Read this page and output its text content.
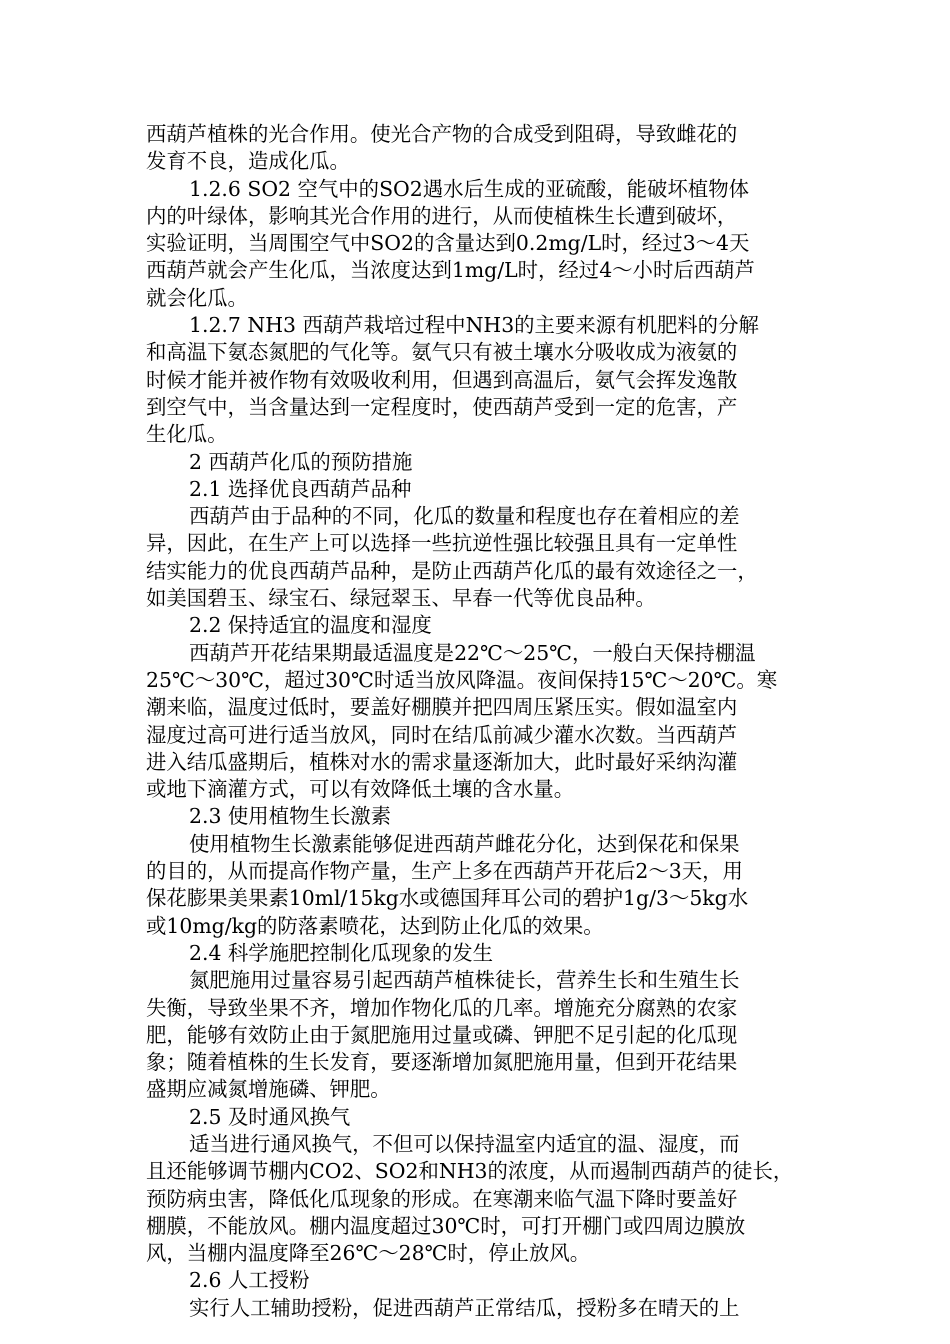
西葫芦植株的光合作用。使光合产物的合成受到阻碍，导致雌花的
发育不良，造成化瓜。
1.2.6 SO2 空气中的SO2遇水后生成的亚硫酸，能破坏植物体
内的叶绿体，影响其光合作用的进行，从而使植株生长遭到破坏，
实验证明，当周围空气中SO2的含量达到0.2mg/L时，经过3～4天
西葫芦就会产生化瓜，当浓度达到1mg/L时，经过4～小时后西葫芦
就会化瓜。
1.2.7 NH3 西葫芦栽培过程中NH3的主要来源有机肥料的分解
和高温下氨态氮肥的气化等。氨气只有被土壤水分吸收成为液氨的
时候才能并被作物有效吸收利用，但遇到高温后，氨气会挥发逸散
到空气中，当含量达到一定程度时，使西葫芦受到一定的危害，产
生化瓜。
2 西葫芦化瓜的预防措施
2.1 选择优良西葫芦品种
西葫芦由于品种的不同，化瓜的数量和程度也存在着相应的差
异，因此，在生产上可以选择一些抗逆性强比较强且具有一定单性
结实能力的优良西葫芦品种，是防止西葫芦化瓜的最有效途径之一，
如美国碧玉、绿宝石、绿冠翠玉、早春一代等优良品种。
2.2 保持适宜的温度和湿度
西葫芦开花结果期最适温度是22℃～25℃，一般白天保持棚温
25℃～30℃，超过30℃时适当放风降温。夜间保持15℃～20℃。寒
潮来临，温度过低时，要盖好棚膜并把四周压紧压实。假如温室内
湿度过高可进行适当放风，同时在结瓜前减少灌水次数。当西葫芦
进入结瓜盛期后，植株对水的需求量逐渐加大，此时最好采纳沟灌
或地下滴灌方式，可以有效降低土壤的含水量。
2.3 使用植物生长激素
使用植物生长激素能够促进西葫芦雌花分化，达到保花和保果
的目的，从而提高作物产量，生产上多在西葫芦开花后2～3天，用
保花膨果美果素10ml/15kg水或德国拜耳公司的碧护1g/3～5kg水
或10mg/kg的防落素喷花，达到防止化瓜的效果。
2.4 科学施肥控制化瓜现象的发生
氮肥施用过量容易引起西葫芦植株徒长，营养生长和生殖生长
失衡，导致坐果不齐，增加作物化瓜的几率。增施充分腐熟的农家
肥，能够有效防止由于氮肥施用过量或磷、钾肥不足引起的化瓜现
象；随着植株的生长发育，要逐渐增加氮肥施用量，但到开花结果
盛期应减氮增施磷、钾肥。
2.5 及时通风换气
适当进行通风换气，不但可以保持温室内适宜的温、湿度，而
且还能够调节棚内CO2、SO2和NH3的浓度，从而遏制西葫芦的徒长，
预防病虫害，降低化瓜现象的形成。在寒潮来临气温下降时要盖好
棚膜，不能放风。棚内温度超过30℃时，可打开棚门或四周边膜放
风，当棚内温度降至26℃～28℃时，停止放风。
2.6 人工授粉
实行人工辅助授粉，促进西葫芦正常结瓜，授粉多在晴天的上
